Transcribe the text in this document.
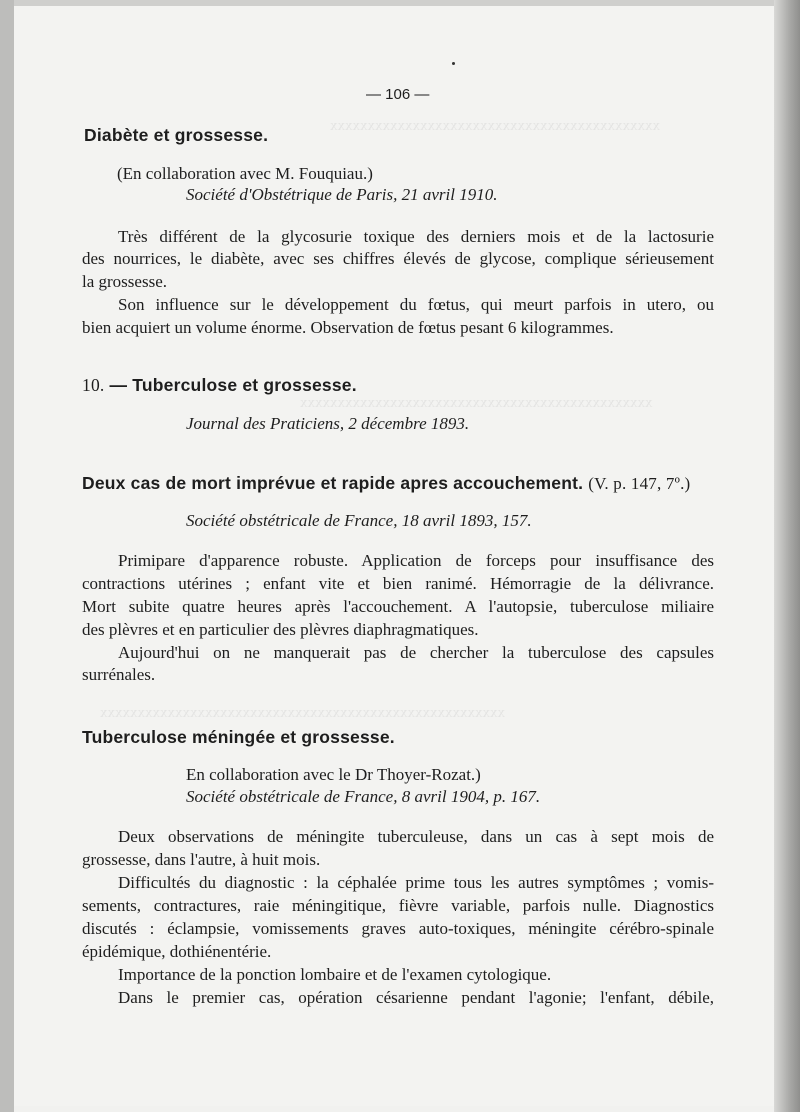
xxxxxxxxxxxxxxxxxxxxxxxxxxxxxxxxxxxxxxxxxxxx
xxxxxxxxxxxxxxxxxxxxxxxxxxxxxxxxxxxxxxxxxxxxxxx
xxxxxxxxxxxxxxxxxxxxxxxxxxxxxxxxxxxxxxxxxxxxxxxxxxxxxx
— 106 —
Diabète et grossesse.
(En collaboration avec M. Fouquiau.)
Société d'Obstétrique de Paris, 21 avril 1910.
Très différent de la glycosurie toxique des derniers mois et de la lactosurie
des nourrices, le diabète, avec ses chiffres élevés de glycose, complique sérieusement
la grossesse.
Son influence sur le développement du fœtus, qui meurt parfois in utero, ou
bien acquiert un volume énorme. Observation de fœtus pesant 6 kilogrammes.
10. — Tuberculose et grossesse.
Journal des Praticiens, 2 décembre 1893.
Deux cas de mort imprévue et rapide apres accouchement. (V. p. 147, 7º.)
Société obstétricale de France, 18 avril 1893, 157.
Primipare d'apparence robuste. Application de forceps pour insuffisance des
contractions utérines ; enfant vite et bien ranimé. Hémorragie de la délivrance.
Mort subite quatre heures après l'accouchement. A l'autopsie, tuberculose miliaire
des plèvres et en particulier des plèvres diaphragmatiques.
Aujourd'hui on ne manquerait pas de chercher la tuberculose des capsules
surrénales.
Tuberculose méningée et grossesse.
En collaboration avec le Dr Thoyer-Rozat.)
Société obstétricale de France, 8 avril 1904, p. 167.
Deux observations de méningite tuberculeuse, dans un cas à sept mois de
grossesse, dans l'autre, à huit mois.
Difficultés du diagnostic : la céphalée prime tous les autres symptômes ; vomis-
sements, contractures, raie méningitique, fièvre variable, parfois nulle. Diagnostics
discutés : éclampsie, vomissements graves auto-toxiques, méningite cérébro-spinale
épidémique, dothiénentérie.
Importance de la ponction lombaire et de l'examen cytologique.
Dans le premier cas, opération césarienne pendant l'agonie; l'enfant, débile,
